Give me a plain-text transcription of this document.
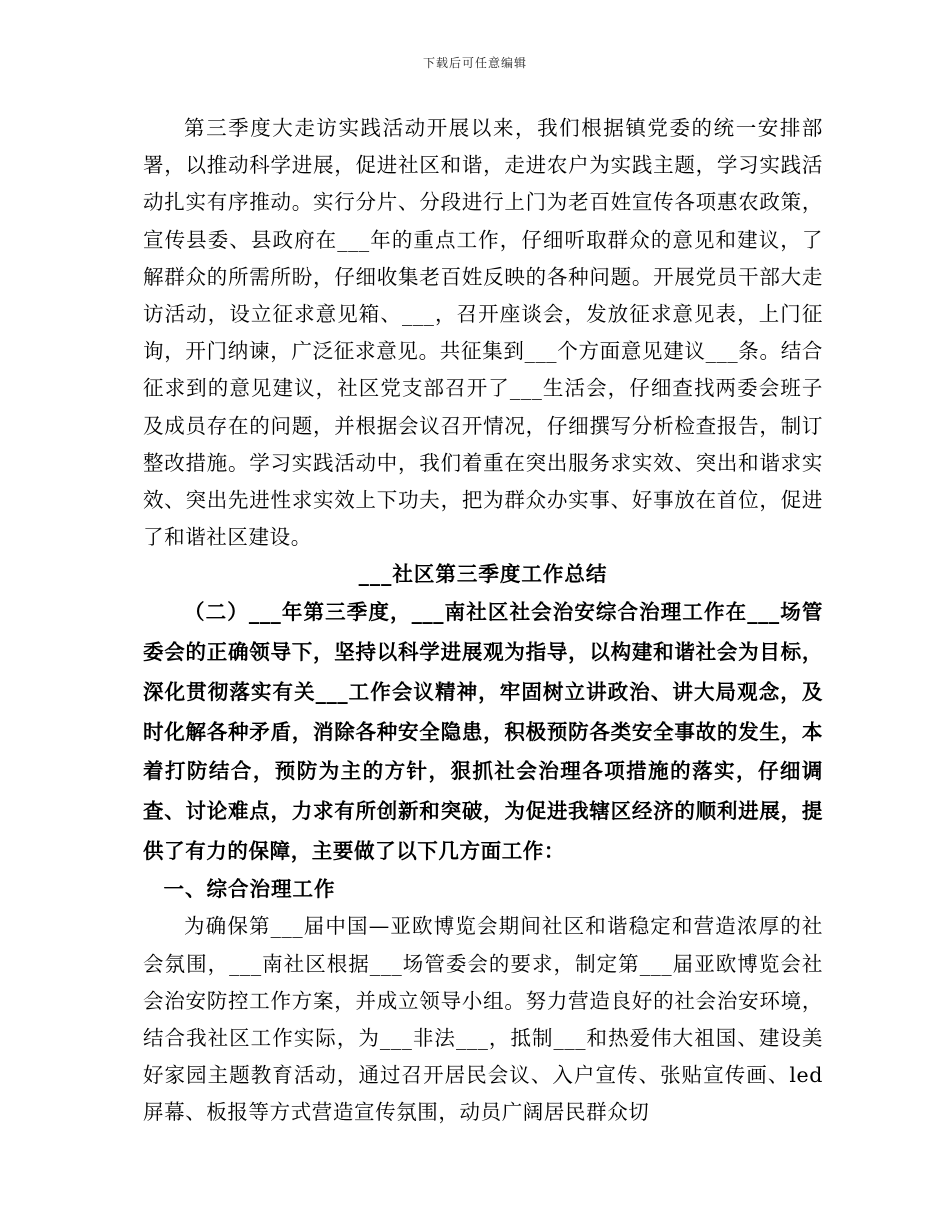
下载后可任意编辑

第三季度大走访实践活动开展以来，我们根据镇党委的统一安排部署，以推动科学进展，促进社区和谐，走进农户为实践主题，学习实践活动扎实有序推动。实行分片、分段进行上门为老百姓宣传各项惠农政策，宣传县委、县政府在___年的重点工作，仔细听取群众的意见和建议，了解群众的所需所盼，仔细收集老百姓反映的各种问题。开展党员干部大走访活动，设立征求意见箱、___，召开座谈会，发放征求意见表，上门征询，开门纳谏，广泛征求意见。共征集到___个方面意见建议___条。结合征求到的意见建议，社区党支部召开了___生活会，仔细查找两委会班子及成员存在的问题，并根据会议召开情况，仔细撰写分析检查报告，制订整改措施。学习实践活动中，我们着重在突出服务求实效、突出和谐求实效、突出先进性求实效上下功夫，把为群众办实事、好事放在首位，促进了和谐社区建设。

___社区第三季度工作总结

（二）___年第三季度，___南社区社会治安综合治理工作在___场管委会的正确领导下，坚持以科学进展观为指导，以构建和谐社会为目标，深化贯彻落实有关___工作会议精神，牢固树立讲政治、讲大局观念，及时化解各种矛盾，消除各种安全隐患，积极预防各类安全事故的发生，本着打防结合，预防为主的方针，狠抓社会治理各项措施的落实，仔细调查、讨论难点，力求有所创新和突破，为促进我辖区经济的顺利进展，提供了有力的保障，主要做了以下几方面工作：

一、综合治理工作

为确保第___届中国—亚欧博览会期间社区和谐稳定和营造浓厚的社会氛围，___南社区根据___场管委会的要求，制定第___届亚欧博览会社会治安防控工作方案，并成立领导小组。努力营造良好的社会治安环境，结合我社区工作实际，为___非法___，抵制___和热爱伟大祖国、建设美好家园主题教育活动，通过召开居民会议、入户宣传、张贴宣传画、led屏幕、板报等方式营造宣传氛围，动员广阔居民群众切
